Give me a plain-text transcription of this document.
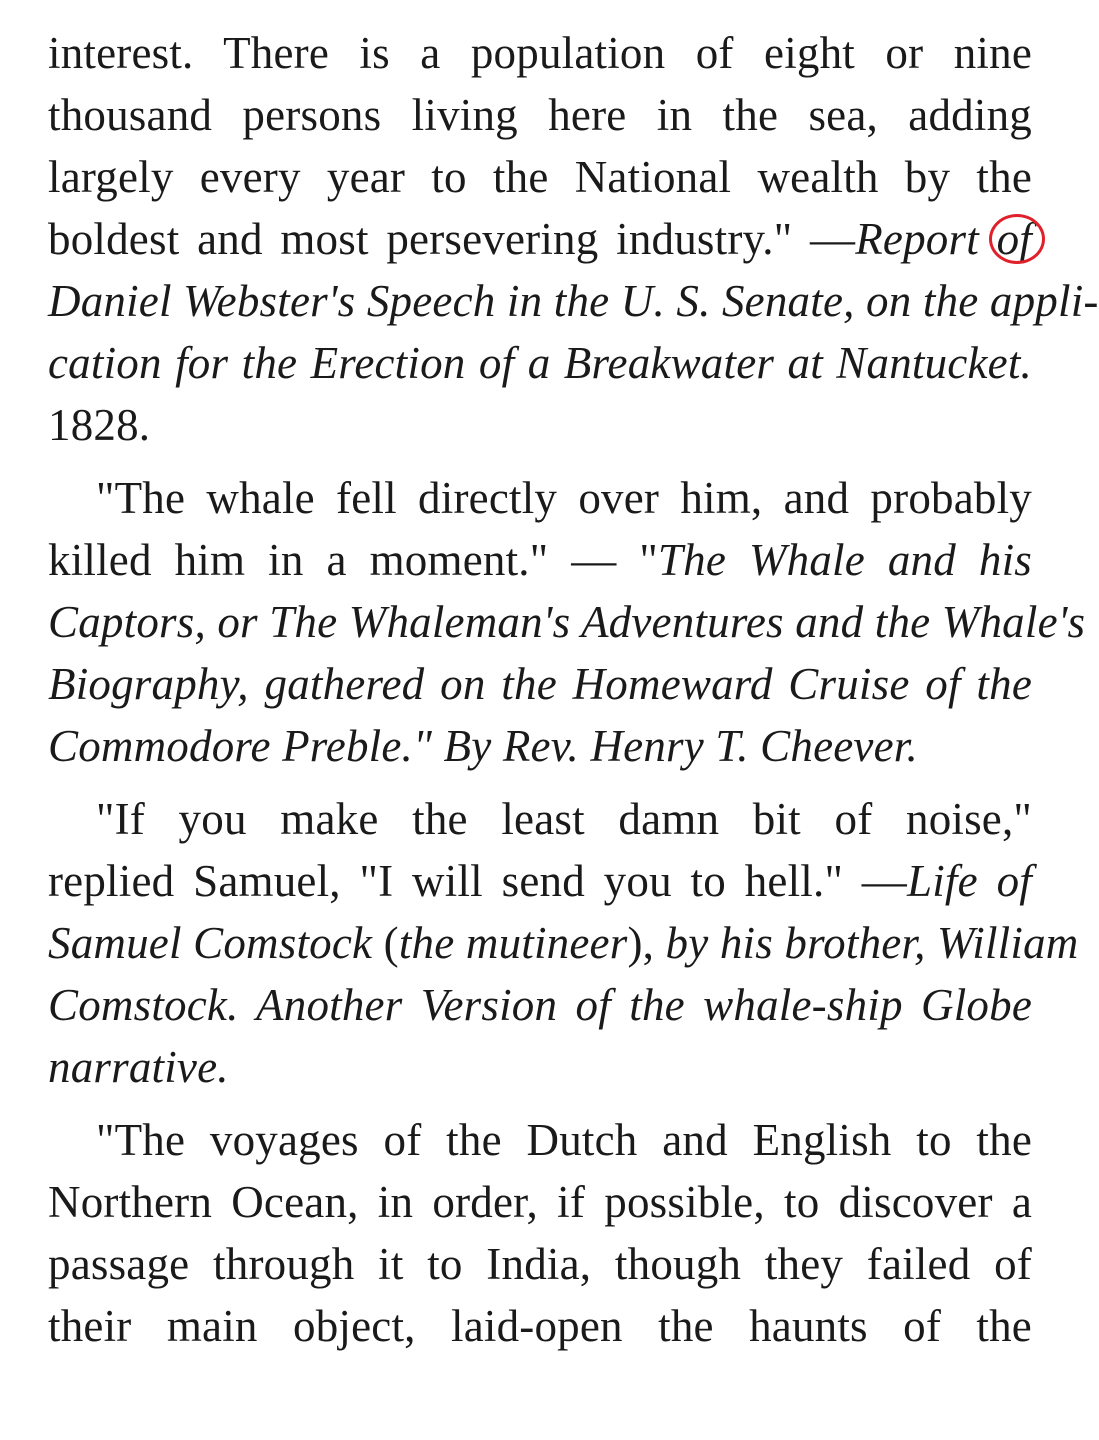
interest. There is a population of eight or nine
thousand persons living here in the sea, adding
largely every year to the National wealth by the
boldest and most persevering industry." —Report of
Daniel Webster's Speech in the U. S. Senate, on the appli-
cation for the Erection of a Breakwater at Nantucket.
1828.
"The whale fell directly over him, and probably
killed him in a moment." — "The Whale and his
Captors, or The Whaleman's Adventures and the Whale's
Biography, gathered on the Homeward Cruise of the
Commodore Preble." By Rev. Henry T. Cheever.
"If you make the least damn bit of noise,"
replied Samuel, "I will send you to hell." —Life of
Samuel Comstock (the mutineer), by his brother, William
Comstock. Another Version of the whale-ship Globe
narrative.
"The voyages of the Dutch and English to the
Northern Ocean, in order, if possible, to discover a
passage through it to India, though they failed of
their main object, laid-open the haunts of the
